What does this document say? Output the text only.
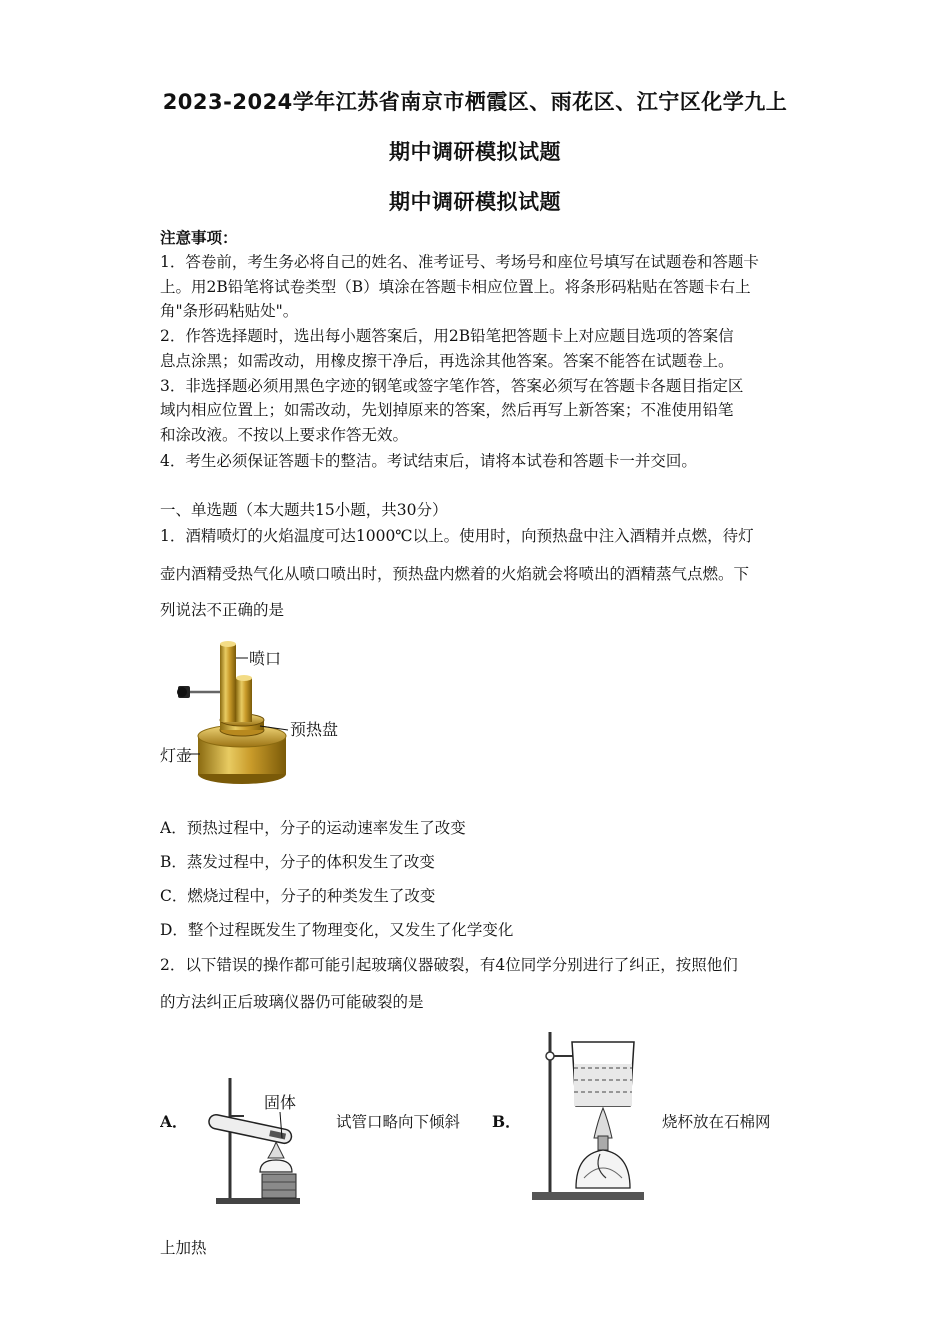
2023-2024学年江苏省南京市栖霞区、雨花区、江宁区化学九上
期中调研模拟试题
期中调研模拟试题
注意事项：
1．答卷前，考生务必将自己的姓名、准考证号、考场号和座位号填写在试题卷和答题卡
上。用2B铅笔将试卷类型（B）填涂在答题卡相应位置上。将条形码粘贴在答题卡右上
角"条形码粘贴处"。
2．作答选择题时，选出每小题答案后，用2B铅笔把答题卡上对应题目选项的答案信
息点涂黑；如需改动，用橡皮擦干净后，再选涂其他答案。答案不能答在试题卷上。
3．非选择题必须用黑色字迹的钢笔或签字笔作答，答案必须写在答题卡各题目指定区
域内相应位置上；如需改动，先划掉原来的答案，然后再写上新答案；不准使用铅笔
和涂改液。不按以上要求作答无效。
4．考生必须保证答题卡的整洁。考试结束后，请将本试卷和答题卡一并交回。
一、单选题（本大题共15小题，共30分）
1．酒精喷灯的火焰温度可达1000℃以上。使用时，向预热盘中注入酒精并点燃，待灯
壶内酒精受热气化从喷口喷出时，预热盘内燃着的火焰就会将喷出的酒精蒸气点燃。下
列说法不正确的是
喷口
预热盘
灯壶
A．预热过程中，分子的运动速率发生了改变
B．蒸发过程中，分子的体积发生了改变
C．燃烧过程中，分子的种类发生了改变
D．整个过程既发生了物理变化，又发生了化学变化
2．以下错误的操作都可能引起玻璃仪器破裂，有4位同学分别进行了纠正，按照他们
的方法纠正后玻璃仪器仍可能破裂的是
A．
固体
试管口略向下倾斜	B．	烧杯放在石棉网
上加热
